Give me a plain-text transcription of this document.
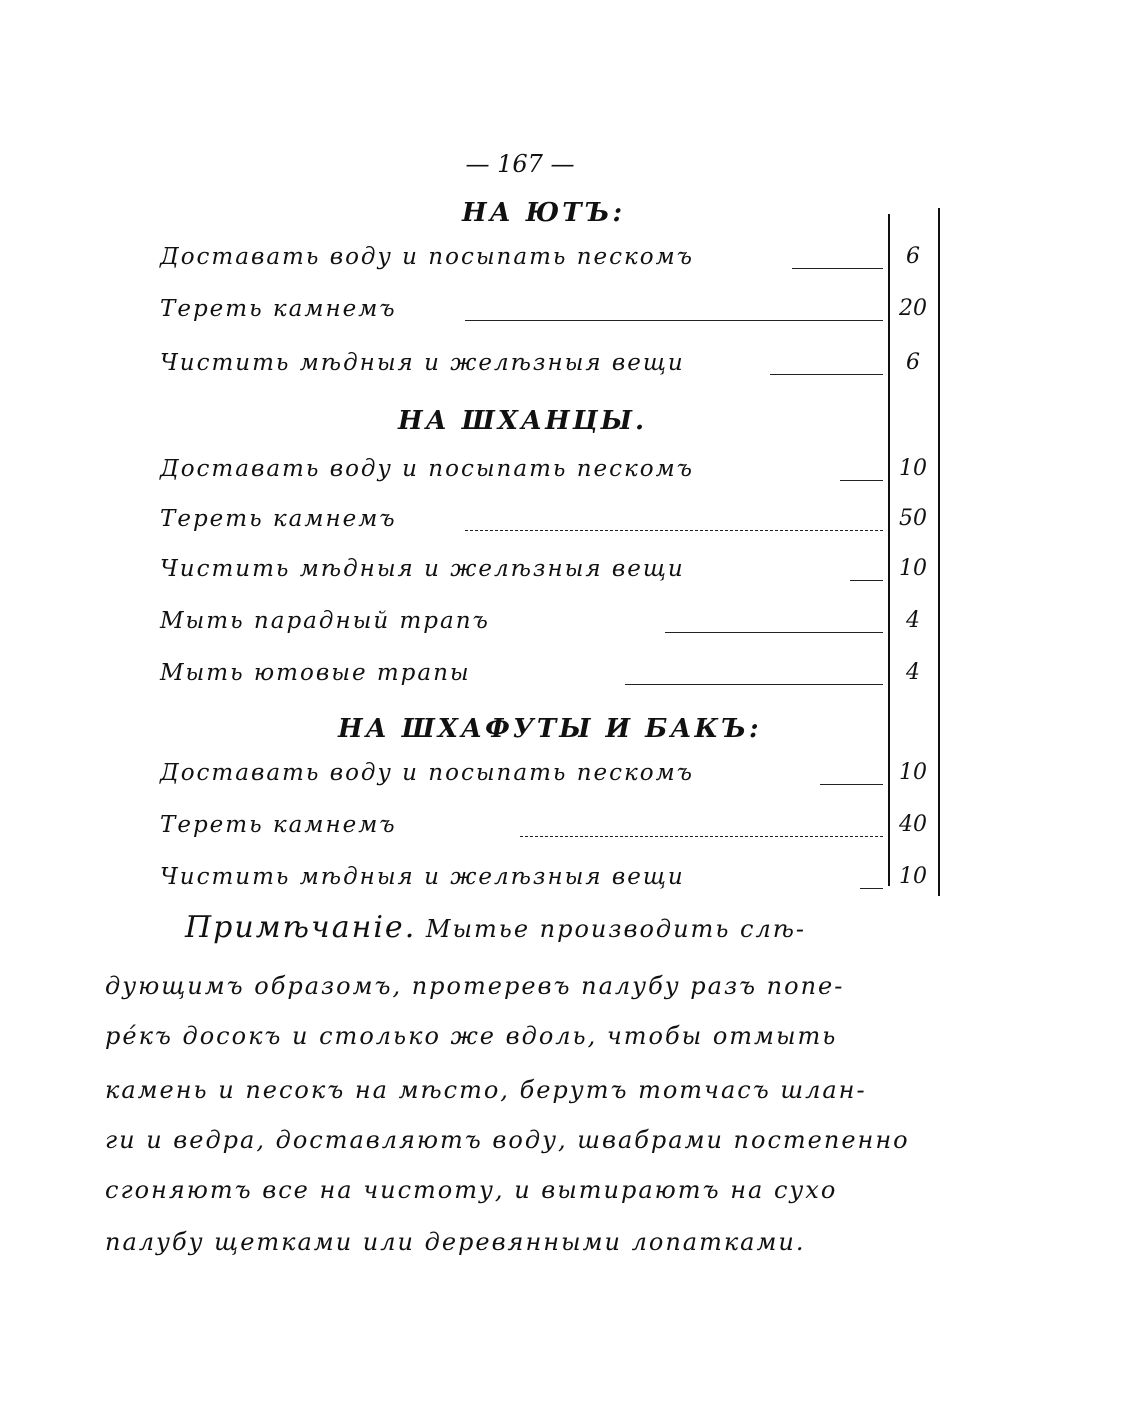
— 167 —
НА ЮТЪ:
Доставать воду и посыпать пескомъ	6
Тереть камнемъ	20
Чистить мѣдныя и желѣзныя вещи	6
НА ШХАНЦЫ.
Доставать воду и посыпать пескомъ	10
Тереть камнемъ	50
Чистить мѣдныя и желѣзныя вещи	10
Мыть парадный трапъ	4
Мыть ютовые трапы	4
НА ШХАФУТЫ И БАКЪ:
Доставать воду и посыпать пескомъ	10
Тереть камнемъ	40
Чистить мѣдныя и желѣзныя вещи	10
Примѣчаніе. Мытье производить слѣ-
дующимъ образомъ, протеревъ палубу разъ попе-
ре́къ досокъ и столько же вдоль, чтобы отмыть
камень и песокъ на мѣсто, берутъ тотчасъ шлан-
ги и ведра, доставляютъ воду, швабрами постепенно
сгоняютъ все на чистоту, и вытираютъ на сухо
палубу щетками или деревянными лопатками.
